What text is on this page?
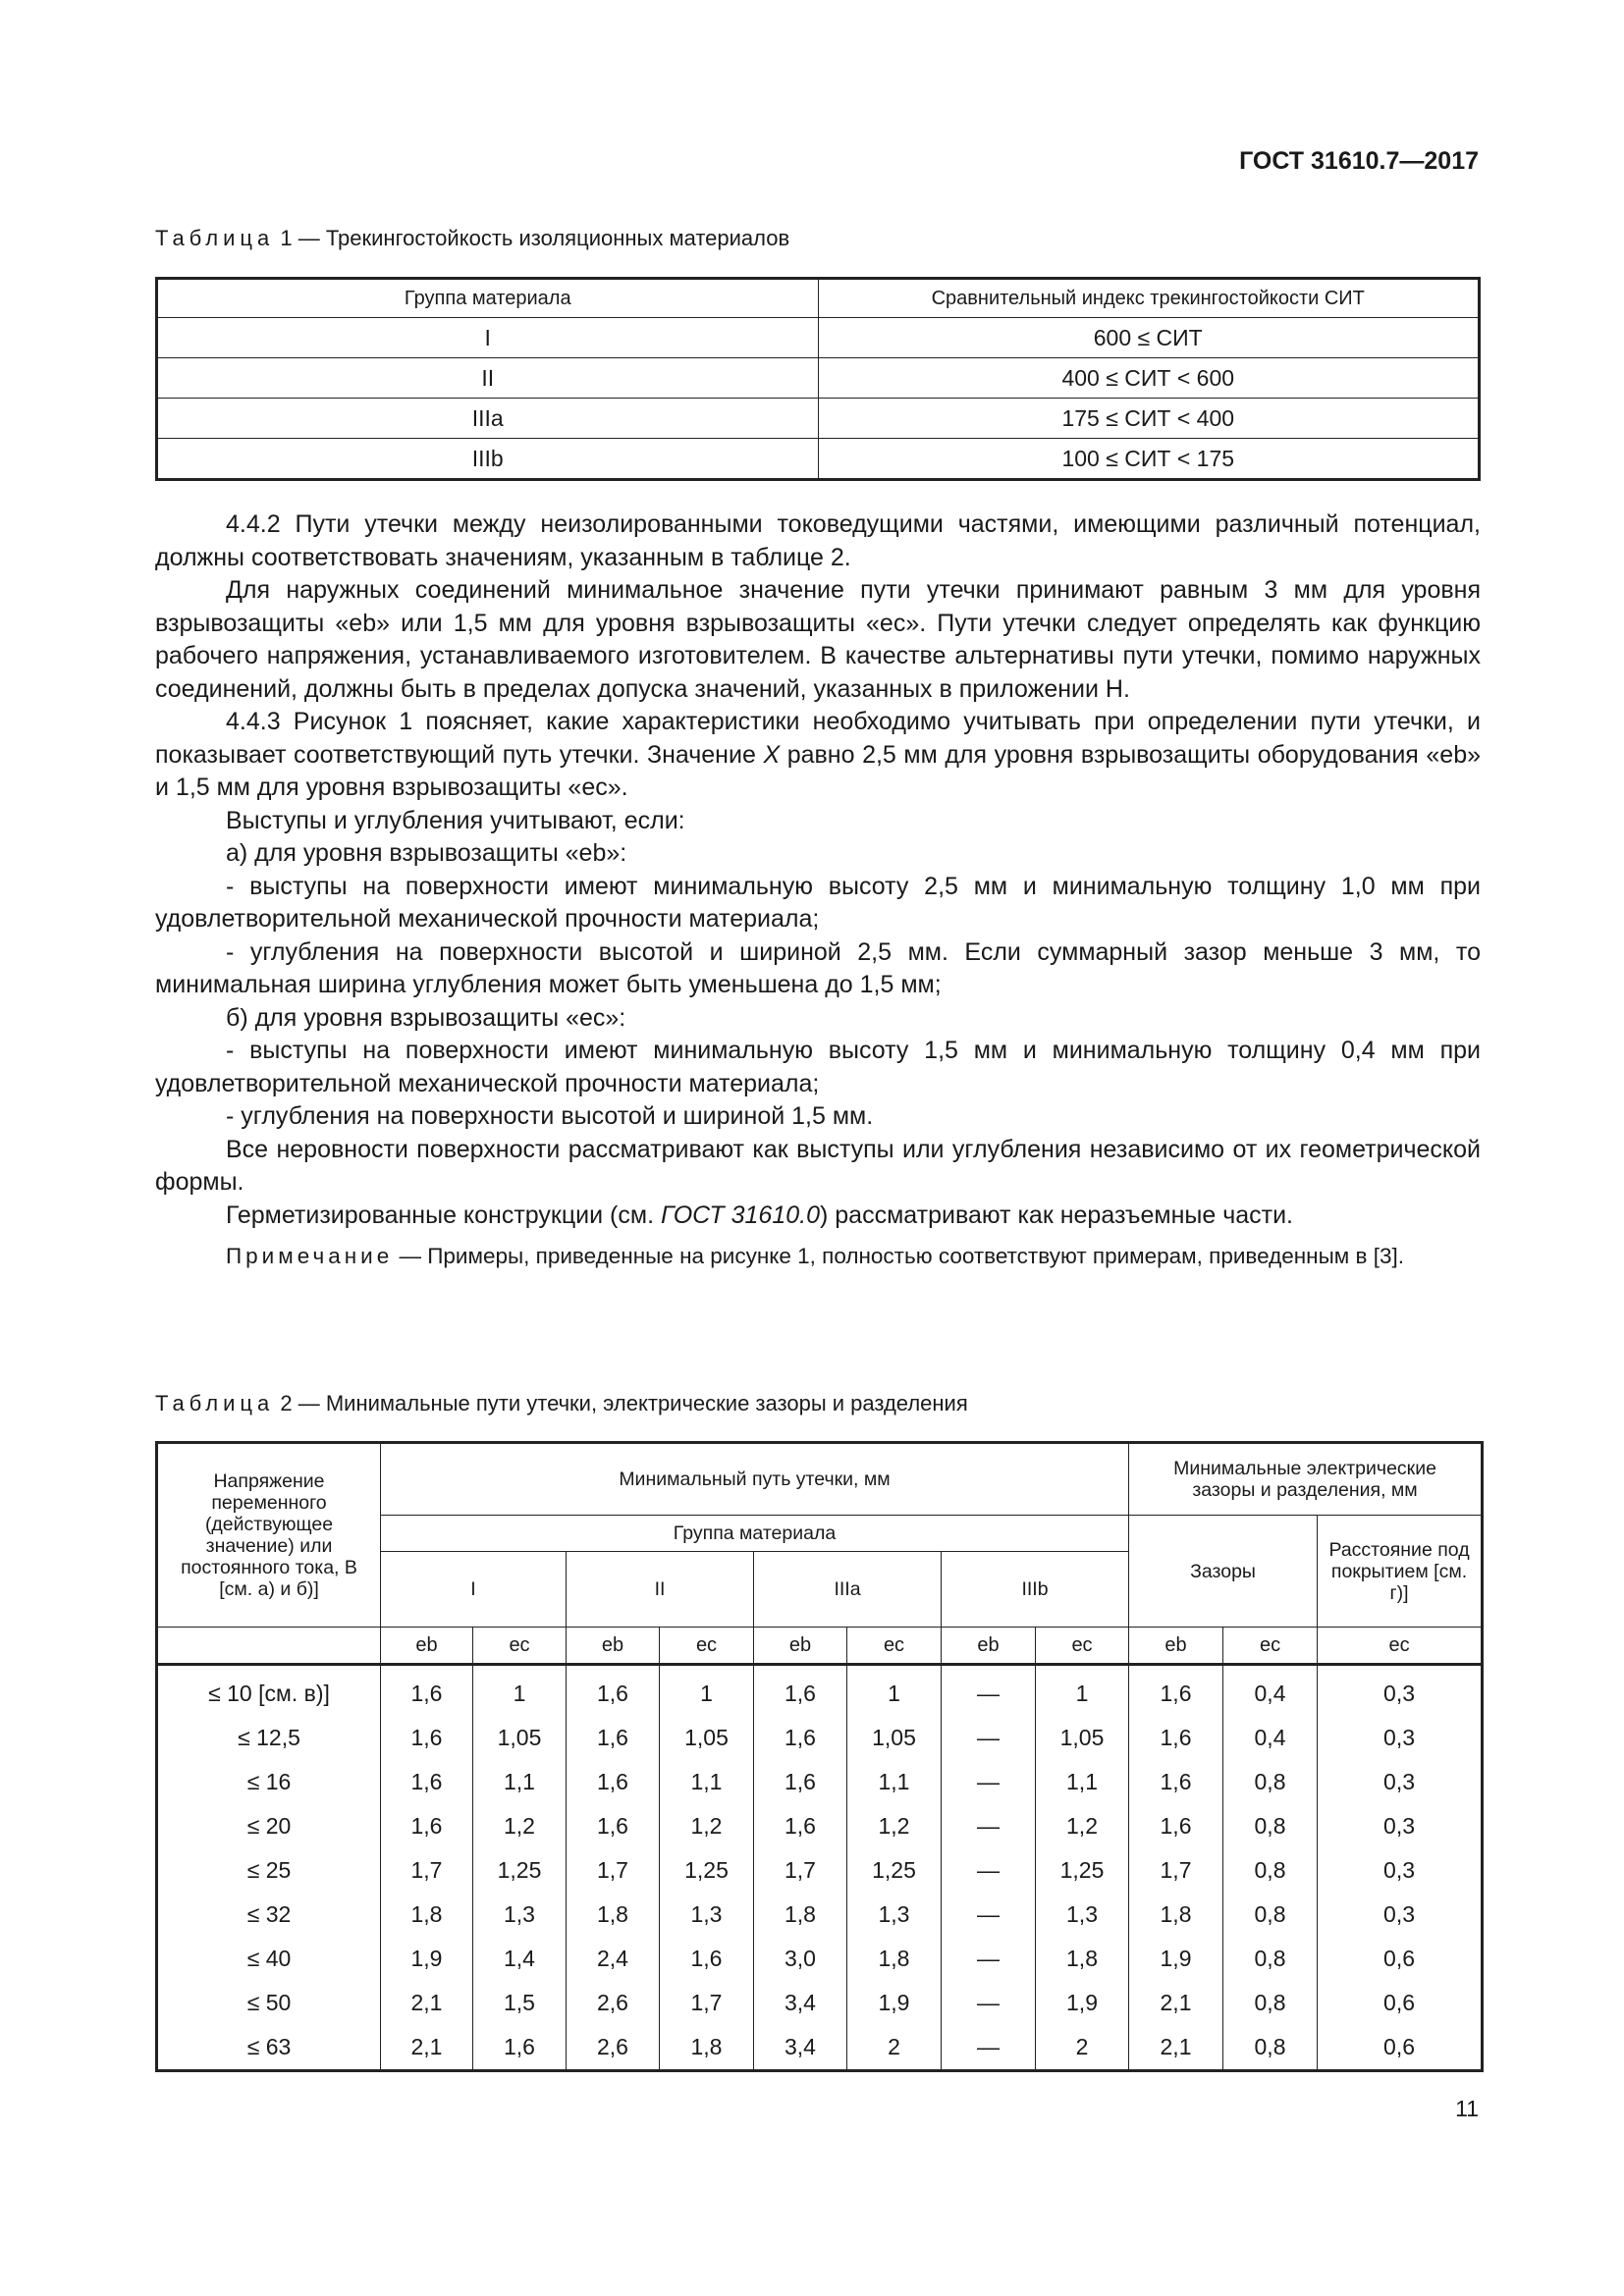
ГОСТ 31610.7—2017
Таблица 1 — Трекингостойкость изоляционных материалов
Группа материала	Сравнительный индекс трекингостойкости СИТ
I	600 ≤ СИТ
II	400 ≤ СИТ < 600
IIIa	175 ≤ СИТ < 400
IIIb	100 ≤ СИТ < 175

4.4.2 Пути утечки между неизолированными токоведущими частями, имеющими различный потенциал, должны соответствовать значениям, указанным в таблице 2.

Для наружных соединений минимальное значение пути утечки принимают равным 3 мм для уровня взрывозащиты «eb» или 1,5 мм для уровня взрывозащиты «ec». Пути утечки следует определять как функцию рабочего напряжения, устанавливаемого изготовителем. В качестве альтернативы пути утечки, помимо наружных соединений, должны быть в пределах допуска значений, указанных в приложении Н.

4.4.3 Рисунок 1 поясняет, какие характеристики необходимо учитывать при определении пути утечки, и показывает соответствующий путь утечки. Значение X равно 2,5 мм для уровня взрывозащиты оборудования «eb» и 1,5 мм для уровня взрывозащиты «ec».

Выступы и углубления учитывают, если:

а) для уровня взрывозащиты «eb»:

- выступы на поверхности имеют минимальную высоту 2,5 мм и минимальную толщину 1,0 мм при удовлетворительной механической прочности материала;

- углубления на поверхности высотой и шириной 2,5 мм. Если суммарный зазор меньше 3 мм, то минимальная ширина углубления может быть уменьшена до 1,5 мм;

б) для уровня взрывозащиты «ec»:

- выступы на поверхности имеют минимальную высоту 1,5 мм и минимальную толщину 0,4 мм при удовлетворительной механической прочности материала;

- углубления на поверхности высотой и шириной 1,5 мм.

Все неровности поверхности рассматривают как выступы или углубления независимо от их геометрической формы.

Герметизированные конструкции (см. ГОСТ 31610.0) рассматривают как неразъемные части.

Примечание — Примеры, приведенные на рисунке 1, полностью соответствуют примерам, приведенным в [3].

Таблица 2 — Минимальные пути утечки, электрические зазоры и разделения
Напряжение переменного (действующее значение) или постоянного тока, В [см. а) и б)]	Минимальный путь утечки, мм								Минимальные электрические зазоры и разделения, мм		
	Группа материала								Зазоры		Расстояние под покрытием [см. г)]
	I		II		IIIa		IIIb				
	eb	ec	eb	ec	eb	ec	eb	ec	eb	ec	ec
≤ 10 [см. в)]	1,6	1	1,6	1	1,6	1	—	1	1,6	0,4	0,3
≤ 12,5	1,6	1,05	1,6	1,05	1,6	1,05	—	1,05	1,6	0,4	0,3
≤ 16	1,6	1,1	1,6	1,1	1,6	1,1	—	1,1	1,6	0,8	0,3
≤ 20	1,6	1,2	1,6	1,2	1,6	1,2	—	1,2	1,6	0,8	0,3
≤ 25	1,7	1,25	1,7	1,25	1,7	1,25	—	1,25	1,7	0,8	0,3
≤ 32	1,8	1,3	1,8	1,3	1,8	1,3	—	1,3	1,8	0,8	0,3
≤ 40	1,9	1,4	2,4	1,6	3,0	1,8	—	1,8	1,9	0,8	0,6
≤ 50	2,1	1,5	2,6	1,7	3,4	1,9	—	1,9	2,1	0,8	0,6
≤ 63	2,1	1,6	2,6	1,8	3,4	2	—	2	2,1	0,8	0,6
11
